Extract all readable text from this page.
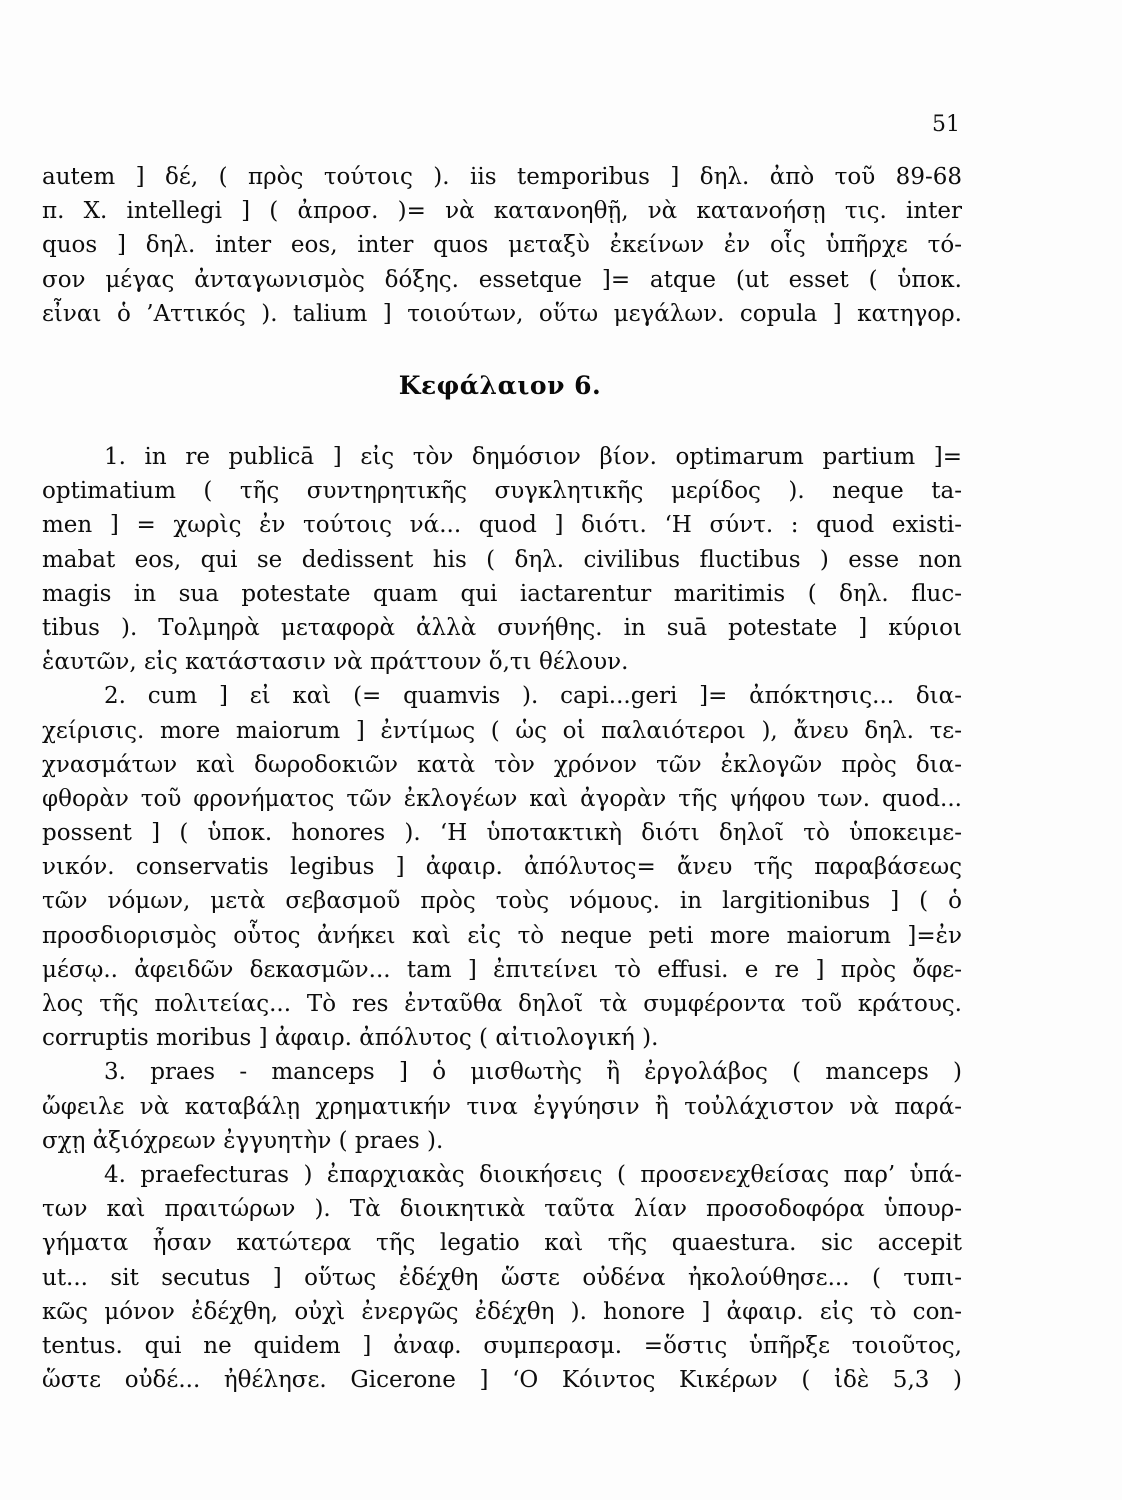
51
autem ] δέ, ( πρὸς τούτοις ). iis temporibus ] δηλ. ἀπὸ τοῦ 89-68
π. X. intellegi ] ( ἀπροσ. )= νὰ κατανοηθῇ, νὰ κατανοήσῃ τις. inter
quos ] δηλ. inter eos, inter quos μεταξὺ ἐκείνων ἐν οἷς ὑπῆρχε τό-
σον μέγας ἀνταγωνισμὸς δόξης. essetque ]= atque (ut esset ( ὑποκ.
εἶναι ὁ ’Αττικός ). talium ] τοιούτων, οὕτω μεγάλων. copula ] κατηγορ.
Κεφάλαιον 6.
1. in re publicā ] εἰς τὸν δημόσιον βίον. optimarum partium ]=
optimatium ( τῆς συντηρητικῆς συγκλητικῆς μερίδος ). neque ta-
men ] = χωρὶς ἐν τούτοις νά... quod ] διότι. ‘Η σύντ. : quod existi-
mabat eos, qui se dedissent his ( δηλ. civilibus fluctibus ) esse non
magis in sua potestate quam qui iactarentur maritimis ( δηλ. fluc-
tibus ). Τολμηρὰ μεταφορὰ ἀλλὰ συνήθης. in suā potestate ] κύριοι
ἑαυτῶν, εἰς κατάστασιν νὰ πράττουν ὅ,τι θέλουν.
2. cum ] εἰ καὶ (= quamvis ). capi...geri ]= ἀπόκτησις... δια-
χείρισις. more maiorum ] ἐντίμως ( ὡς οἱ παλαιότεροι ), ἄνευ δηλ. τε-
χνασμάτων καὶ δωροδοκιῶν κατὰ τὸν χρόνον τῶν ἐκλογῶν πρὸς δια-
φθορὰν τοῦ φρονήματος τῶν ἐκλογέων καὶ ἀγορὰν τῆς ψήφου των. quod...
possent ] ( ὑποκ. honores ). ‘Η ὑποτακτικὴ διότι δηλοῖ τὸ ὑποκειμε-
νικόν. conservatis legibus ] ἀφαιρ. ἀπόλυτος= ἄνευ τῆς παραβάσεως
τῶν νόμων, μετὰ σεβασμοῦ πρὸς τοὺς νόμους. in largitionibus ] ( ὁ
προσδιορισμὸς οὗτος ἀνήκει καὶ εἰς τὸ neque peti more maiorum ]=ἐν
μέσῳ.. ἀφειδῶν δεκασμῶν... tam ] ἐπιτείνει τὸ effusi. e re ] πρὸς ὄφε-
λος τῆς πολιτείας... Τὸ res ἐνταῦθα δηλοῖ τὰ συμφέροντα τοῦ κράτους.
corruptis moribus ] ἀφαιρ. ἀπόλυτος ( αἰτιολογική ).
3. praes - manceps ] ὁ μισθωτὴς ἢ ἐργολάβος ( manceps )
ὤφειλε νὰ καταβάλῃ χρηματικήν τινα ἐγγύησιν ἢ τοὐλάχιστον νὰ παρά-
σχῃ ἀξιόχρεων ἐγγυητὴν ( praes ).
4. praefecturas ) ἐπαρχιακὰς διοικήσεις ( προσενεχθείσας παρ’ ὑπά-
των καὶ πραιτώρων ). Τὰ διοικητικὰ ταῦτα λίαν προσοδοφόρα ὑπουρ-
γήματα ἦσαν κατώτερα τῆς legatio καὶ τῆς quaestura. sic accepit
ut... sit secutus ] οὕτως ἐδέχθη ὥστε οὐδένα ἠκολούθησε... ( τυπι-
κῶς μόνον ἐδέχθη, οὐχὶ ἐνεργῶς ἐδέχθη ). honore ] ἀφαιρ. εἰς τὸ con-
tentus. qui ne quidem ] ἀναφ. συμπερασμ. =ὅστις ὑπῆρξε τοιοῦτος,
ὥστε οὐδέ... ἠθέλησε. Gicerone ] ‘Ο Κόιντος Κικέρων ( ἰδὲ 5,3 )
